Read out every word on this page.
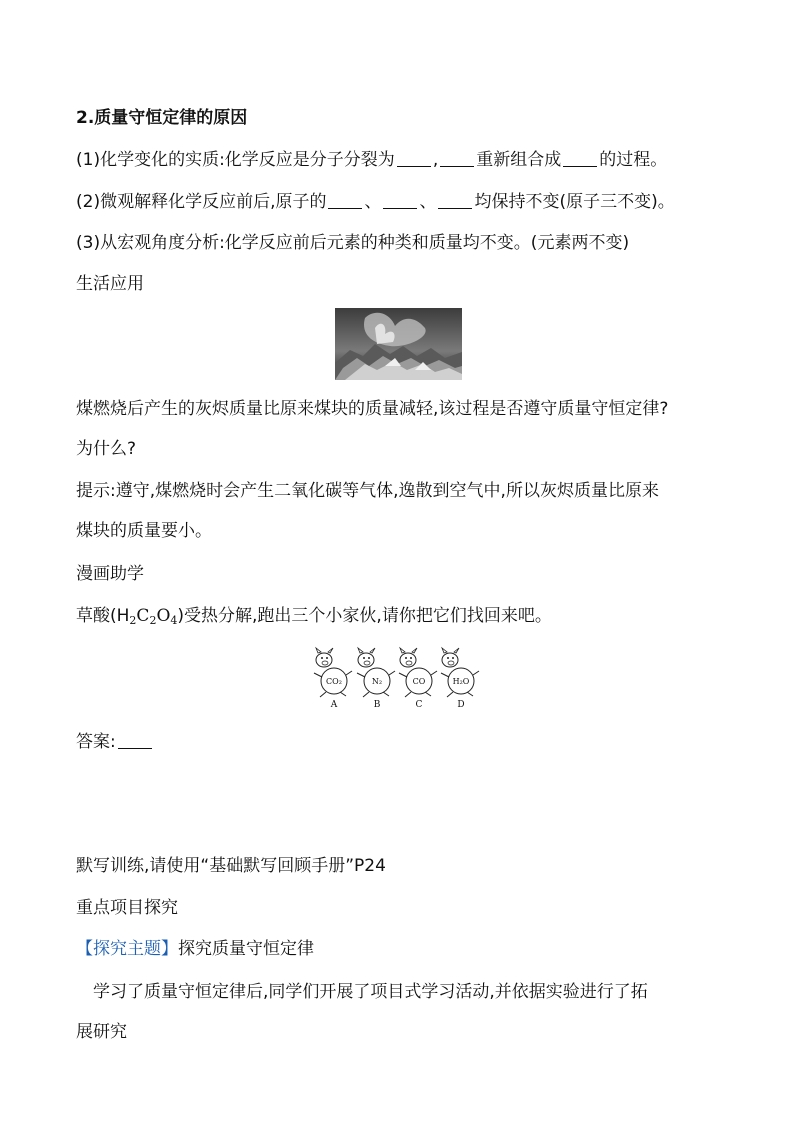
2.质量守恒定律的原因
(1)化学变化的实质:化学反应是分子分裂为 , 重新组合成 的过程。
(2)微观解释化学反应前后,原子的 、 、 均保持不变(原子三不变)。
(3)从宏观角度分析:化学反应前后元素的种类和质量均不变。(元素两不变)
生活应用
煤燃烧后产生的灰烬质量比原来煤块的质量减轻,该过程是否遵守质量守恒定律?
为什么?
提示:遵守,煤燃烧时会产生二氧化碳等气体,逸散到空气中,所以灰烬质量比原来
煤块的质量要小。
漫画助学
草酸$(H_2C_2O_4)$受热分解,跑出三个小家伙,请你把它们找回来吧。
CO₂
A
N₂
B
CO
C
H₂O
D
答案:
默写训练,请使用“基础默写回顾手册”P24
重点项目探究
【探究主题】探究质量守恒定律
学习了质量守恒定律后,同学们开展了项目式学习活动,并依据实验进行了拓
展研究
